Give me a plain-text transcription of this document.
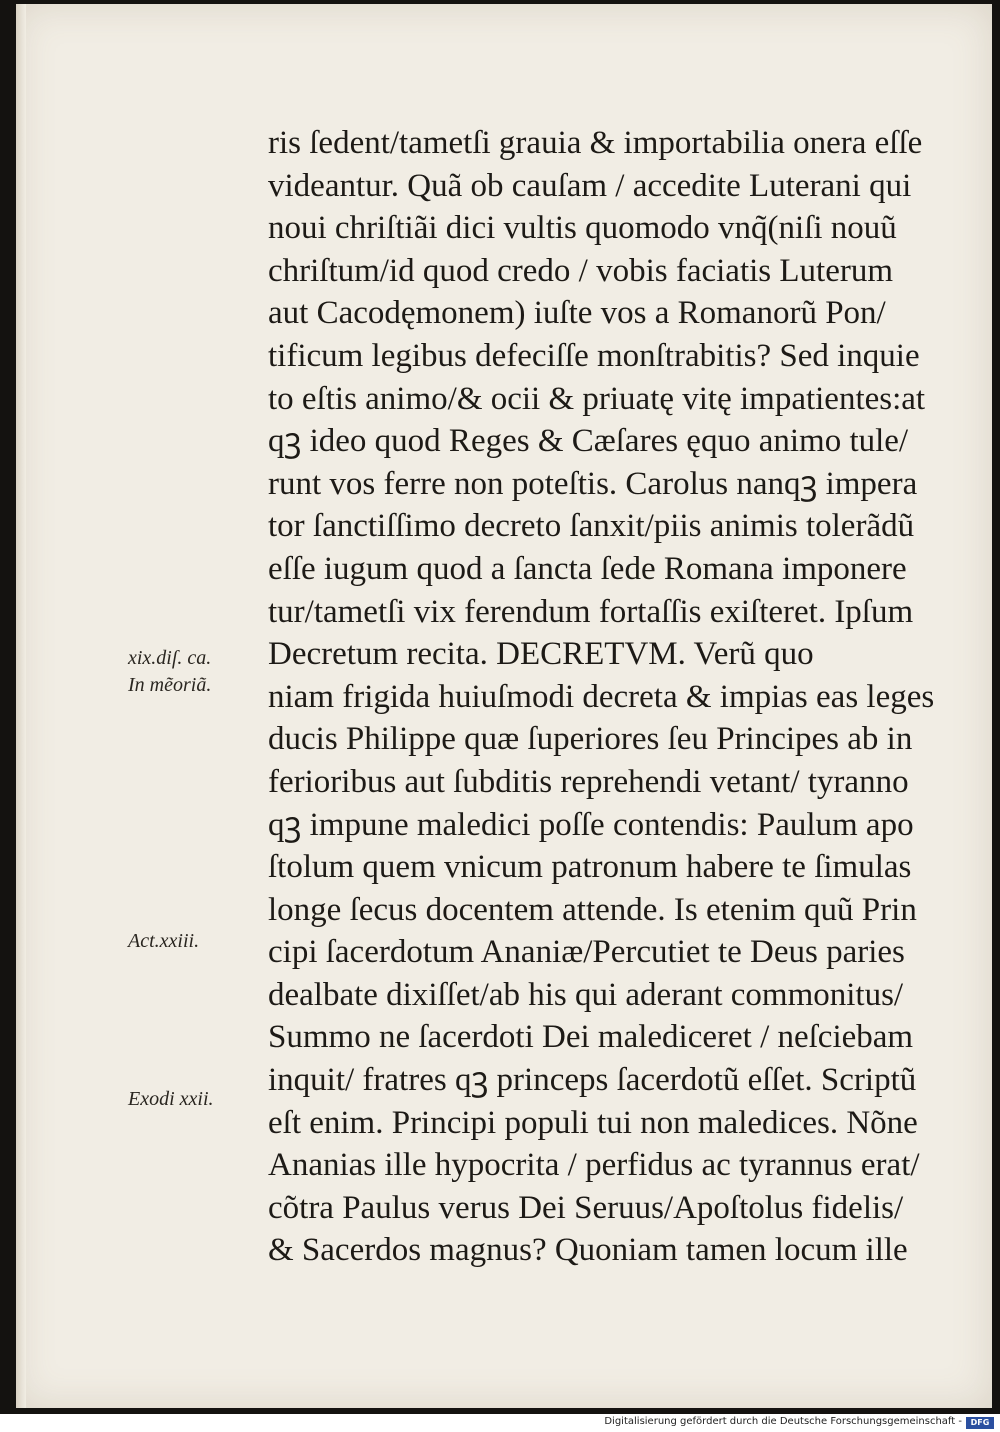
ris ſedent/tametſi grauia & importabilia onera eſſe
videantur. Quã ob cauſam / accedite Luterani qui
noui chriſtiãi dici vultis quomodo vnq̃(niſi nouũ
chriſtum/id quod credo / vobis faciatis Luterum
aut Cacodęmonem) iuſte vos a Romanorũ Pon/
tificum legibus defeciſſe monſtrabitis? Sed inquie
to eſtis animo/& ocii & priuatę vitę impatientes:at
qꝫ ideo quod Reges & Cæſares ęquo animo tule/
runt vos ferre non poteſtis. Carolus nanqꝫ impera
tor ſanctiſſimo decreto ſanxit/piis animis tolerãdũ
eſſe iugum quod a ſancta ſede Romana imponere
tur/tametſi vix ferendum fortaſſis exiſteret. Ipſum
Decretum recita. DECRETVM. Verũ quo
niam frigida huiuſmodi decreta & impias eas leges
ducis Philippe quæ ſuperiores ſeu Principes ab in
ferioribus aut ſubditis reprehendi vetant/ tyranno
qꝫ impune maledici poſſe contendis: Paulum apo
ſtolum quem vnicum patronum habere te ſimulas
longe ſecus docentem attende. Is etenim quũ Prin
cipi ſacerdotum Ananiæ/Percutiet te Deus paries
dealbate dixiſſet/ab his qui aderant commonitus/
Summo ne ſacerdoti Dei malediceret / neſciebam
inquit/ fratres qꝫ princeps ſacerdotũ eſſet. Scriptũ
eſt enim. Principi populi tui non maledices. Nõne
Ananias ille hypocrita / perfidus ac tyrannus erat/
cõtra Paulus verus Dei Seruus/Apoſtolus fidelis/
& Sacerdos magnus? Quoniam tamen locum ille
xix.diſ. ca.
In mẽoriã.
Act.xxiii.
Exodi xxii.
Digitalisierung gefördert durch die Deutsche Forschungsgemeinschaft -	DFG
